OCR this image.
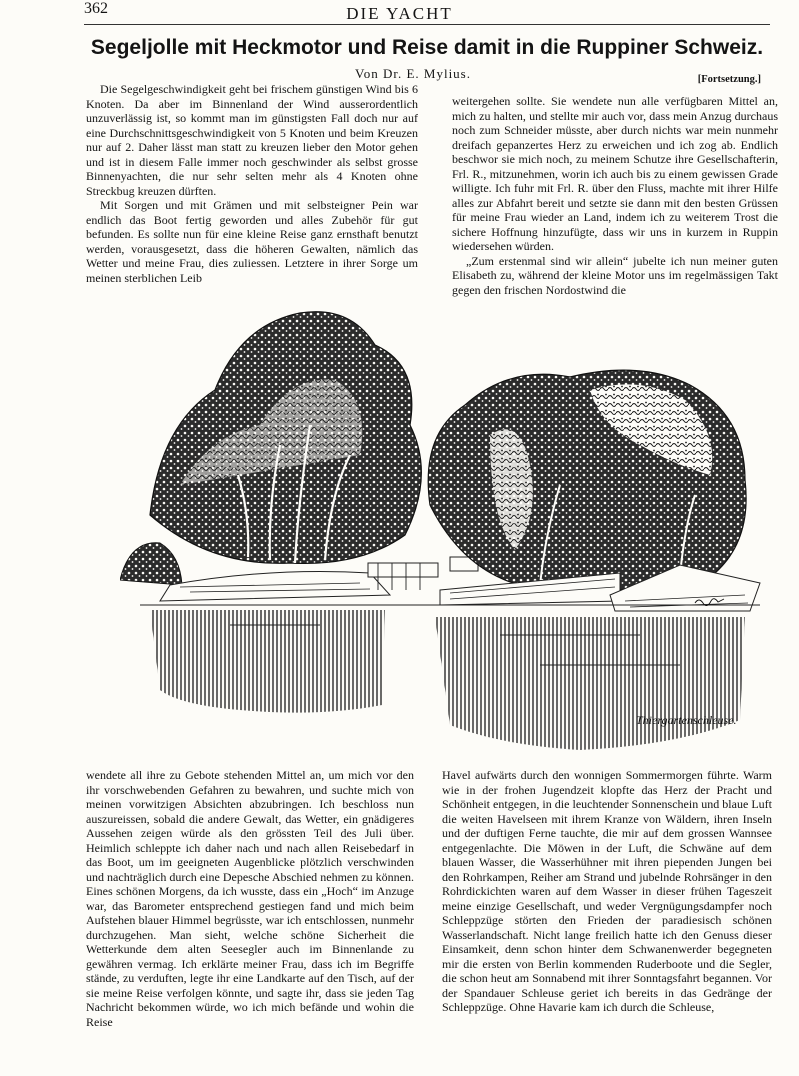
362	DIE YACHT
Segeljolle mit Heckmotor und Reise damit in die Ruppiner Schweiz.
Von Dr. E. Mylius.	[Fortsetzung.]

Die Segelgeschwindigkeit geht bei frischem günstigen Wind bis 6 Knoten. Da aber im Binnenland der Wind ausserordentlich unzuverlässig ist, so kommt man im günstigsten Fall doch nur auf eine Durchschnittsgeschwindigkeit von 5 Knoten und beim Kreuzen nur auf 2. Daher lässt man statt zu kreuzen lieber den Motor gehen und ist in diesem Falle immer noch geschwinder als selbst grosse Binnenyachten, die nur sehr selten mehr als 4 Knoten ohne Streckbug kreuzen dürften.

Mit Sorgen und mit Grämen und mit selbsteigner Pein war endlich das Boot fertig geworden und alles Zubehör für gut befunden. Es sollte nun für eine kleine Reise ganz ernsthaft benutzt werden, vorausgesetzt, dass die höheren Gewalten, nämlich das Wetter und meine Frau, dies zuliessen. Letztere in ihrer Sorge um meinen sterblichen Leib

weitergehen sollte. Sie wendete nun alle verfügbaren Mittel an, mich zu halten, und stellte mir auch vor, dass mein Anzug durchaus noch zum Schneider müsste, aber durch nichts war mein nunmehr dreifach gepanzertes Herz zu erweichen und ich zog ab. Endlich beschwor sie mich noch, zu meinem Schutze ihre Gesellschafterin, Frl. R., mitzunehmen, worin ich auch bis zu einem gewissen Grade willigte. Ich fuhr mit Frl. R. über den Fluss, machte mit ihrer Hilfe alles zur Abfahrt bereit und setzte sie dann mit den besten Grüssen für meine Frau wieder an Land, indem ich zu weiterem Trost die sichere Hoffnung hinzufügte, dass wir uns in kurzem in Ruppin wiedersehen würden.

„Zum erstenmal sind wir allein“ jubelte ich nun meiner guten Elisabeth zu, während der kleine Motor uns im regelmässigen Takt gegen den frischen Nordostwind die

Thiergartenschleuse.

wendete all ihre zu Gebote stehenden Mittel an, um mich vor den ihr vorschwebenden Gefahren zu bewahren, und suchte mich von meinen vorwitzigen Absichten abzubringen. Ich beschloss nun auszureissen, sobald die andere Gewalt, das Wetter, ein gnädigeres Aussehen zeigen würde als den grössten Teil des Juli über. Heimlich schleppte ich daher nach und nach allen Reisebedarf in das Boot, um im geeigneten Augenblicke plötzlich verschwinden und nachträglich durch eine Depesche Abschied nehmen zu können. Eines schönen Morgens, da ich wusste, dass ein „Hoch“ im Anzuge war, das Barometer entsprechend gestiegen fand und mich beim Aufstehen blauer Himmel begrüsste, war ich entschlossen, nunmehr durchzugehen. Man sieht, welche schöne Sicherheit die Wetterkunde dem alten Seesegler auch im Binnenlande zu gewähren vermag. Ich erklärte meiner Frau, dass ich im Begriffe stände, zu verduften, legte ihr eine Landkarte auf den Tisch, auf der sie meine Reise verfolgen könnte, und sagte ihr, dass sie jeden Tag Nachricht bekommen würde, wo ich mich befände und wohin die Reise

Havel aufwärts durch den wonnigen Sommermorgen führte. Warm wie in der frohen Jugendzeit klopfte das Herz der Pracht und Schönheit entgegen, in die leuchtender Sonnenschein und blaue Luft die weiten Havelseen mit ihrem Kranze von Wäldern, ihren Inseln und der duftigen Ferne tauchte, die mir auf dem grossen Wannsee entgegenlachte. Die Möwen in der Luft, die Schwäne auf dem blauen Wasser, die Wasserhühner mit ihren piependen Jungen bei den Rohrkampen, Reiher am Strand und jubelnde Rohrsänger in den Rohrdickichten waren auf dem Wasser in dieser frühen Tageszeit meine einzige Gesellschaft, und weder Vergnügungsdampfer noch Schleppzüge störten den Frieden der paradiesisch schönen Wasserlandschaft. Nicht lange freilich hatte ich den Genuss dieser Einsamkeit, denn schon hinter dem Schwanenwerder begegneten mir die ersten von Berlin kommenden Ruderboote und die Segler, die schon heut am Sonnabend mit ihrer Sonntagsfahrt begannen. Vor der Spandauer Schleuse geriet ich bereits in das Gedränge der Schleppzüge. Ohne Havarie kam ich durch die Schleuse,
